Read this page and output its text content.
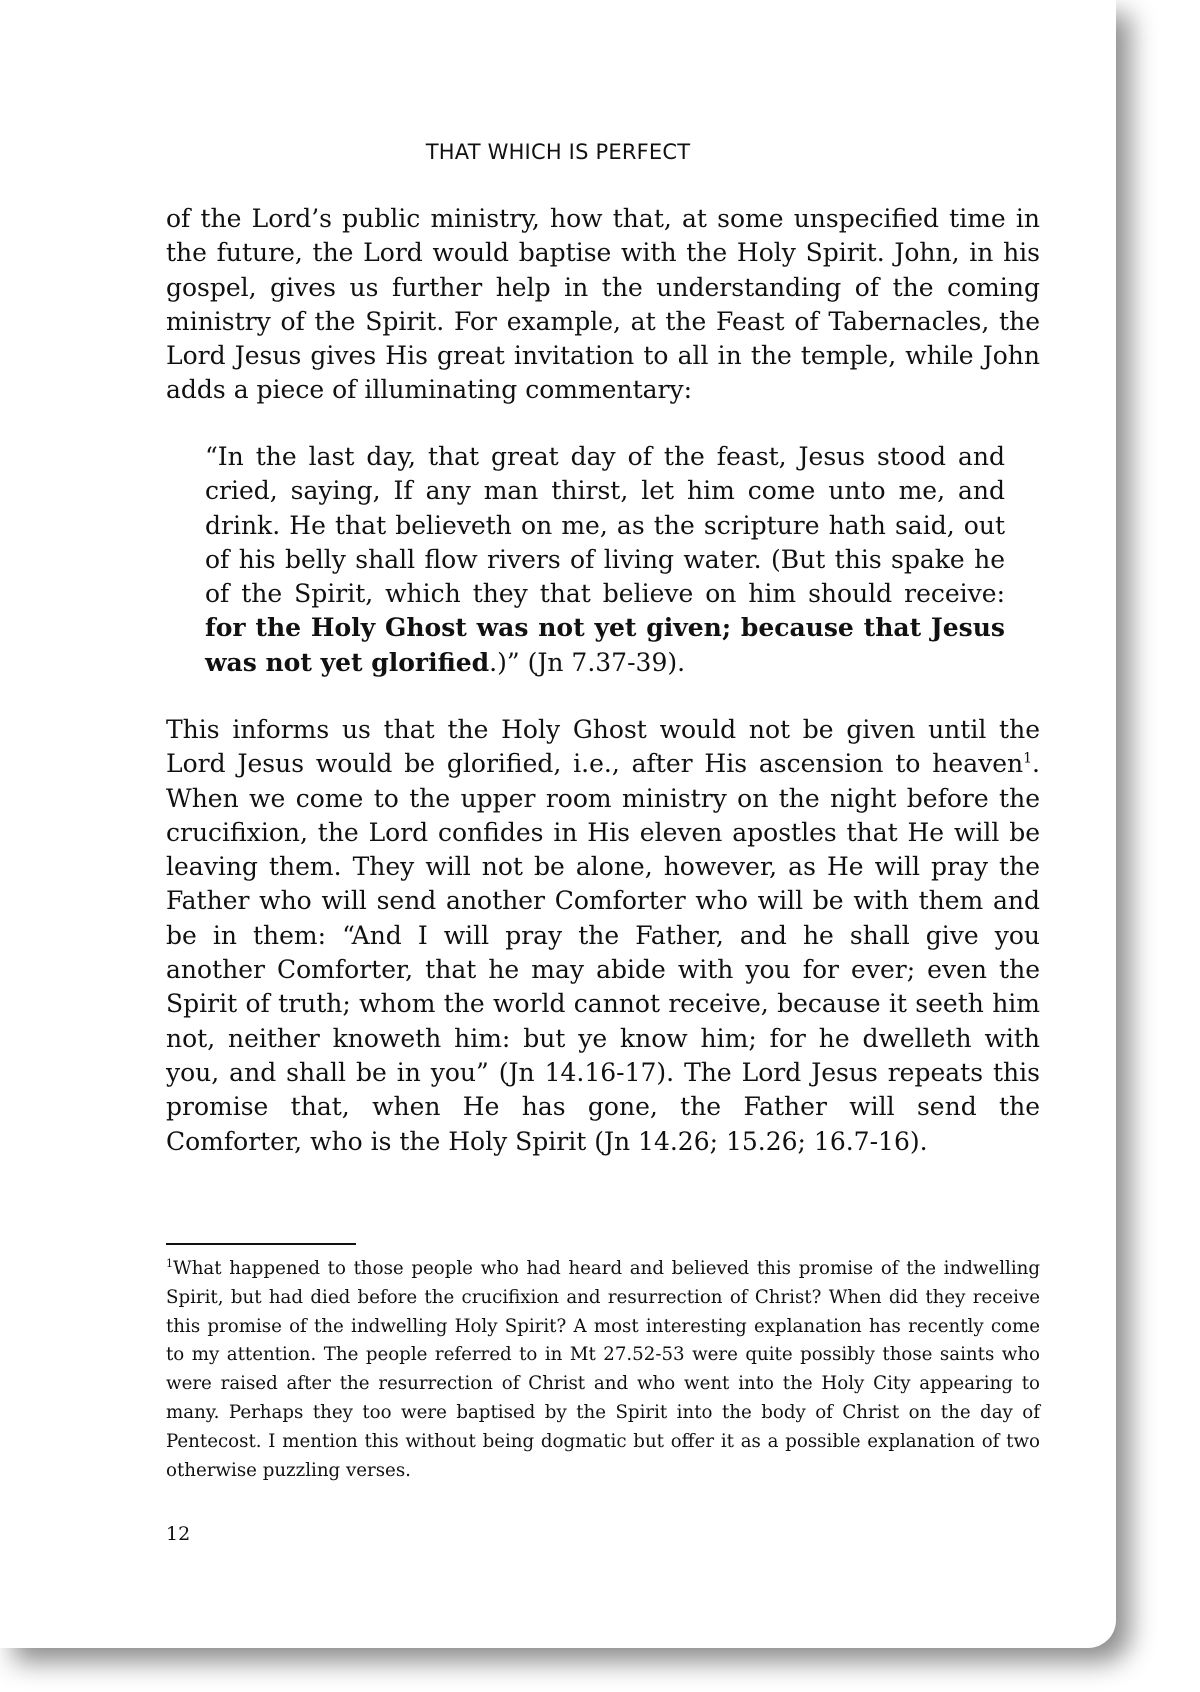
THAT WHICH IS PERFECT
of the Lord’s public ministry, how that, at some unspecified time in the future, the Lord would baptise with the Holy Spirit. John, in his gospel, gives us further help in the understanding of the coming ministry of the Spirit. For example, at the Feast of Tabernacles, the Lord Jesus gives His great invitation to all in the temple, while John adds a piece of illuminating commentary:
“In the last day, that great day of the feast, Jesus stood and cried, saying, If any man thirst, let him come unto me, and drink. He that believeth on me, as the scripture hath said, out of his belly shall flow rivers of living water. (But this spake he of the Spirit, which they that believe on him should receive: for the Holy Ghost was not yet given; because that Jesus was not yet glorified.)” (Jn 7.37-39).
This informs us that the Holy Ghost would not be given until the Lord Jesus would be glorified, i.e., after His ascension to heaven$^1$. When we come to the upper room ministry on the night before the crucifixion, the Lord confides in His eleven apostles that He will be leaving them. They will not be alone, however, as He will pray the Father who will send another Comforter who will be with them and be in them: “And I will pray the Father, and he shall give you another Comforter, that he may abide with you for ever; even the Spirit of truth; whom the world cannot receive, because it seeth him not, neither knoweth him: but ye know him; for he dwelleth with you, and shall be in you” (Jn 14.16-17). The Lord Jesus repeats this promise that, when He has gone, the Father will send the Comforter, who is the Holy Spirit (Jn 14.26; 15.26; 16.7-16).
$^1$What happened to those people who had heard and believed this promise of the indwelling Spirit, but had died before the crucifixion and resurrection of Christ? When did they receive this promise of the indwelling Holy Spirit? A most interesting explanation has recently come to my attention. The people referred to in Mt 27.52-53 were quite possibly those saints who were raised after the resurrection of Christ and who went into the Holy City appearing to many. Perhaps they too were baptised by the Spirit into the body of Christ on the day of Pentecost. I mention this without being dogmatic but offer it as a possible explanation of two otherwise puzzling verses.
12
